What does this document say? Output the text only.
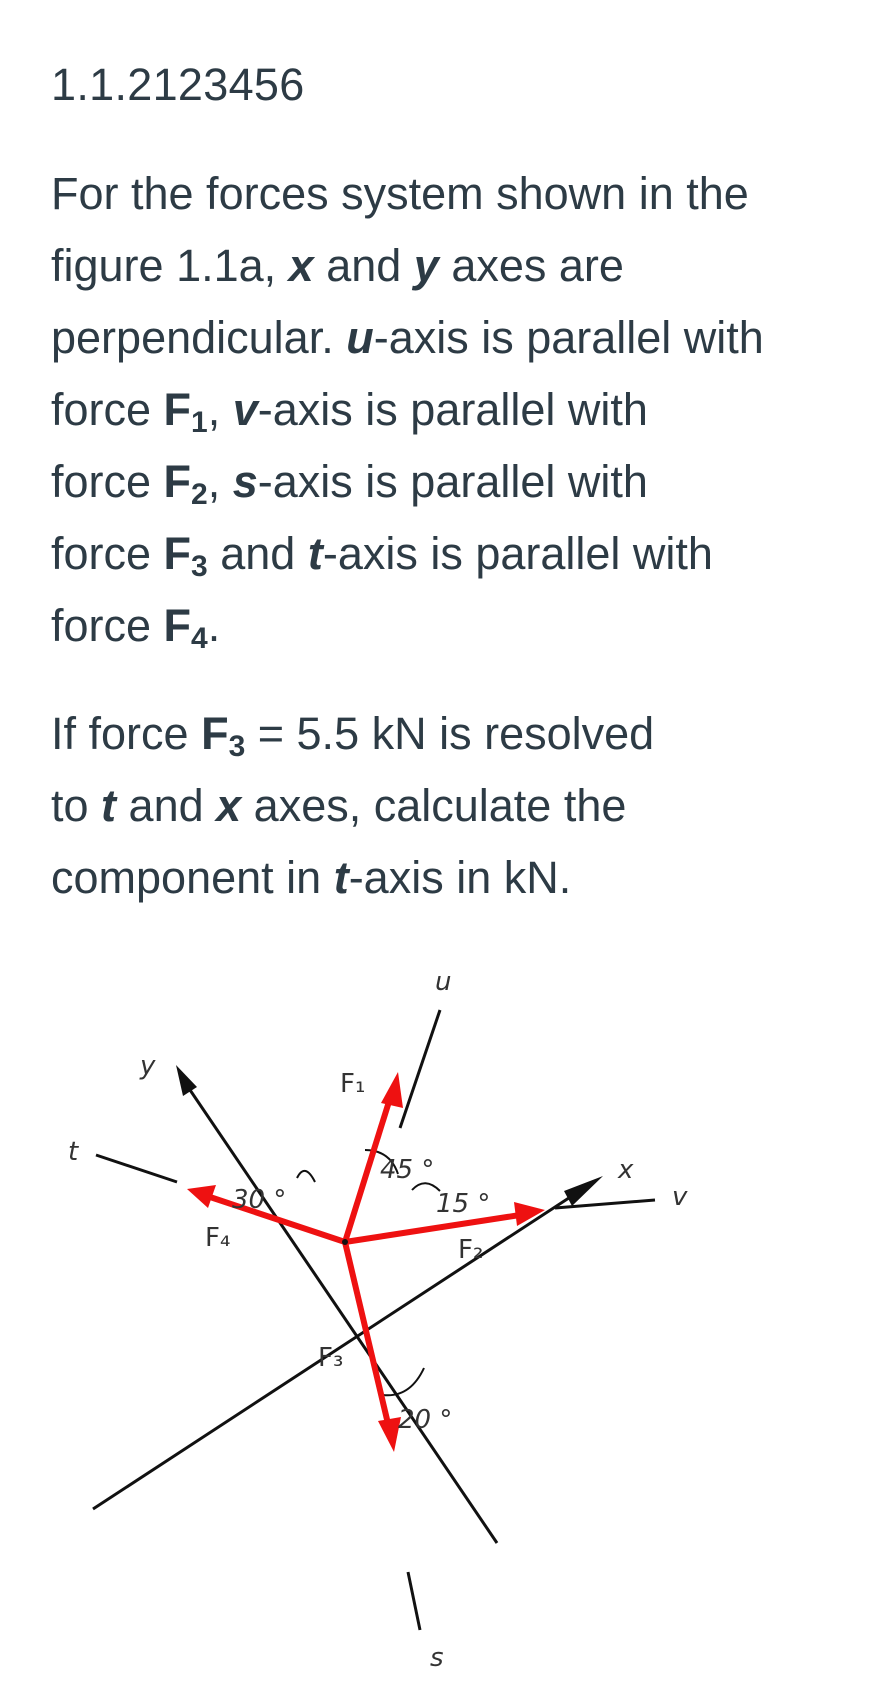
1.1.2123456

For the forces system shown in the
figure 1.1a, x and y axes are
perpendicular. u-axis is parallel with
force $F_1$, v-axis is parallel with
force $F_2$, s-axis is parallel with
force $F_3$ and t-axis is parallel with
force $F_4$.

If force $F_3 = 5.5$ kN is resolved
to t and x axes, calculate the
component in t-axis in kN.

u
y
x
t
v
s
F₁
F₂
F₃
F₄
45 °
15 °
30 °
20 °
